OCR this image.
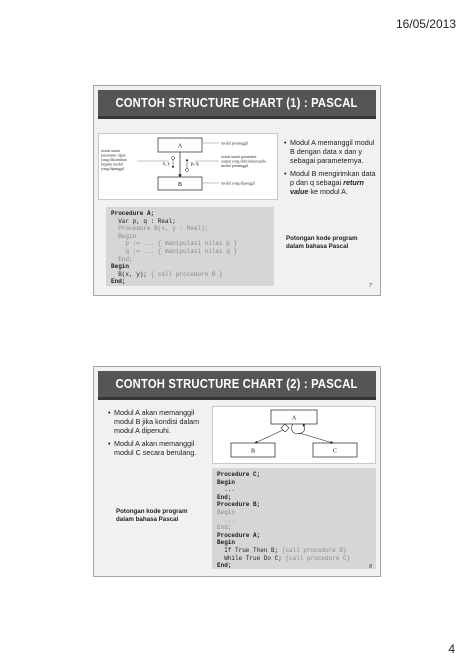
16/05/2013
CONTOH STRUCTURE CHART (1) : PASCAL
A
B
x, y	p, q
notasi untuk parameter input yang dikirimkan kepada modul yang dipanggil
modul pemanggil
notasi untuk parameter output yang dikirimkan pada modul pemanggil
modul yang dipanggil
• Modul A memanggil modul B dengan data x dan y sebagai parameternya.
• Modul B mengirimkan data p dan q sebagai return value ke modul A.
Procedure A;
Var p, q : Real;
Procedure B(x, y : Real);
Begin
p := ... { manipulasi nilai p }
q := ... { manipulasi nilai q }
End;
Begin
B(x, y); { call procedure B }
End;
Potongan kode program
dalam bahasa Pascal
7
CONTOH STRUCTURE CHART (2) : PASCAL
• Modul A akan memanggil modul B jika kondisi dalam modul A dipenuhi.
• Modul A akan memanggil modul C secara berulang.
A
B	C
Procedure C;
Begin
...
End;
Procedure B;
Begin
...
End;
Procedure A;
Begin
If True Then B; {call procedure B}
While True Do C; {call procedure C}
End;
Potongan kode program
dalam bahasa Pascal
8
4
